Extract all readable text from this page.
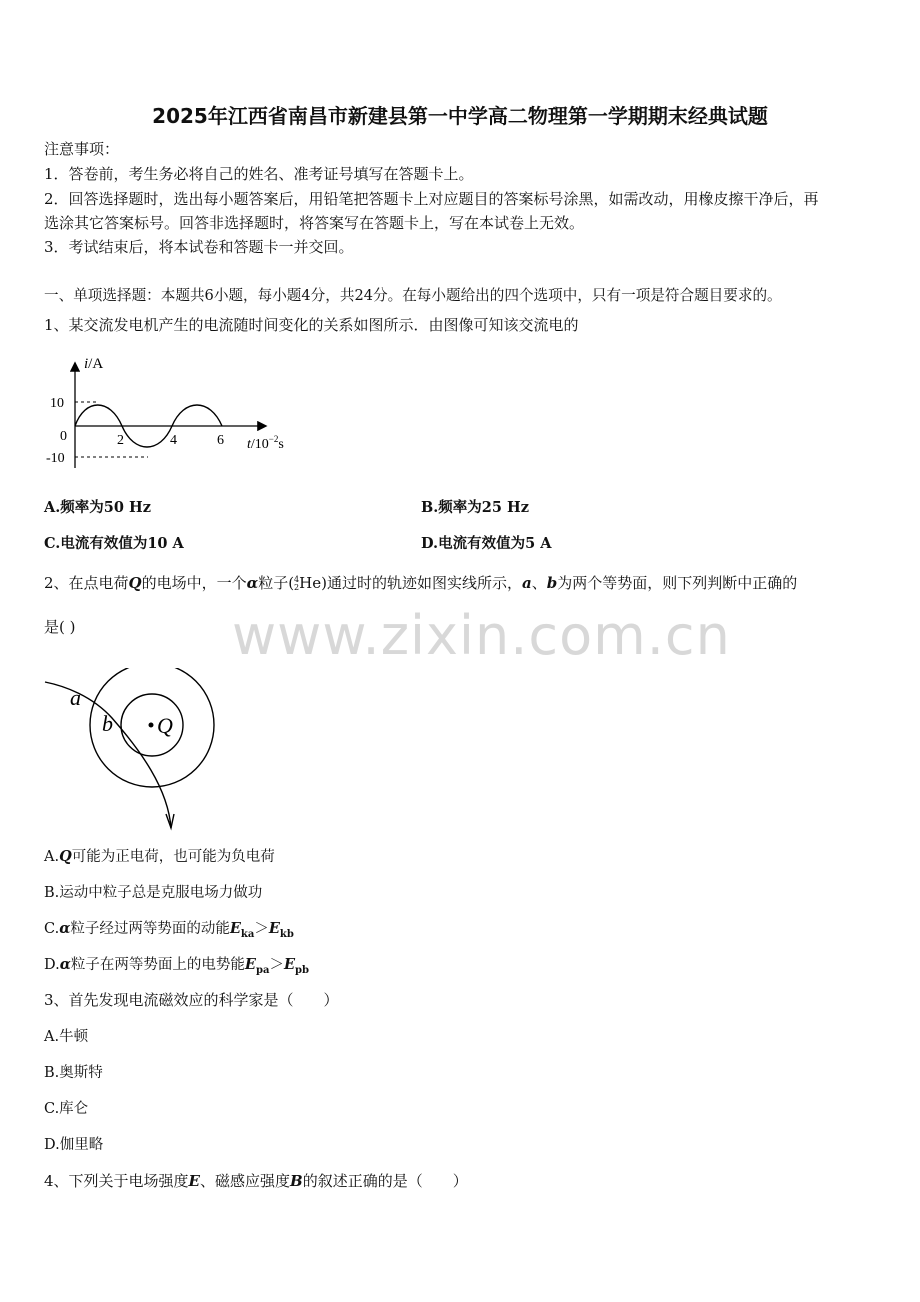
2025年江西省南昌市新建县第一中学高二物理第一学期期末经典试题
注意事项：
1．答卷前，考生务必将自己的姓名、准考证号填写在答题卡上。
2．回答选择题时，选出每小题答案后，用铅笔把答题卡上对应题目的答案标号涂黑，如需改动，用橡皮擦干净后，再
选涂其它答案标号。回答非选择题时，将答案写在答题卡上，写在本试卷上无效。
3．考试结束后，将本试卷和答题卡一并交回。
一、单项选择题：本题共6小题，每小题4分，共24分。在每小题给出的四个选项中，只有一项是符合题目要求的。
1、某交流发电机产生的电流随时间变化的关系如图所示．由图像可知该交流电的
i/A
10
0
-10
2	4	6 $t/10^{-2}s$
A.频率为50 Hz	B.频率为25 Hz
C.电流有效值为10 A	D.电流有效值为5 A
2、在点电荷Q的电场中，一个α粒子(4
2He)通过时的轨迹如图实线所示，a、b为两个等势面，则下列判断中正确的
是( )	www.zixin.com.cn
a
b Q
A.Q可能为正电荷，也可能为负电荷
B.运动中粒子总是克服电场力做功
C.α粒子经过两等势面的动能$E_{ka}>E_{kb}$
D.α粒子在两等势面上的电势能$E_{pa}>E_{pb}$
3、首先发现电流磁效应的科学家是（　　）
A.牛顿
B.奥斯特
C.库仑
D.伽里略
4、下列关于电场强度E、磁感应强度B的叙述正确的是（　　）
